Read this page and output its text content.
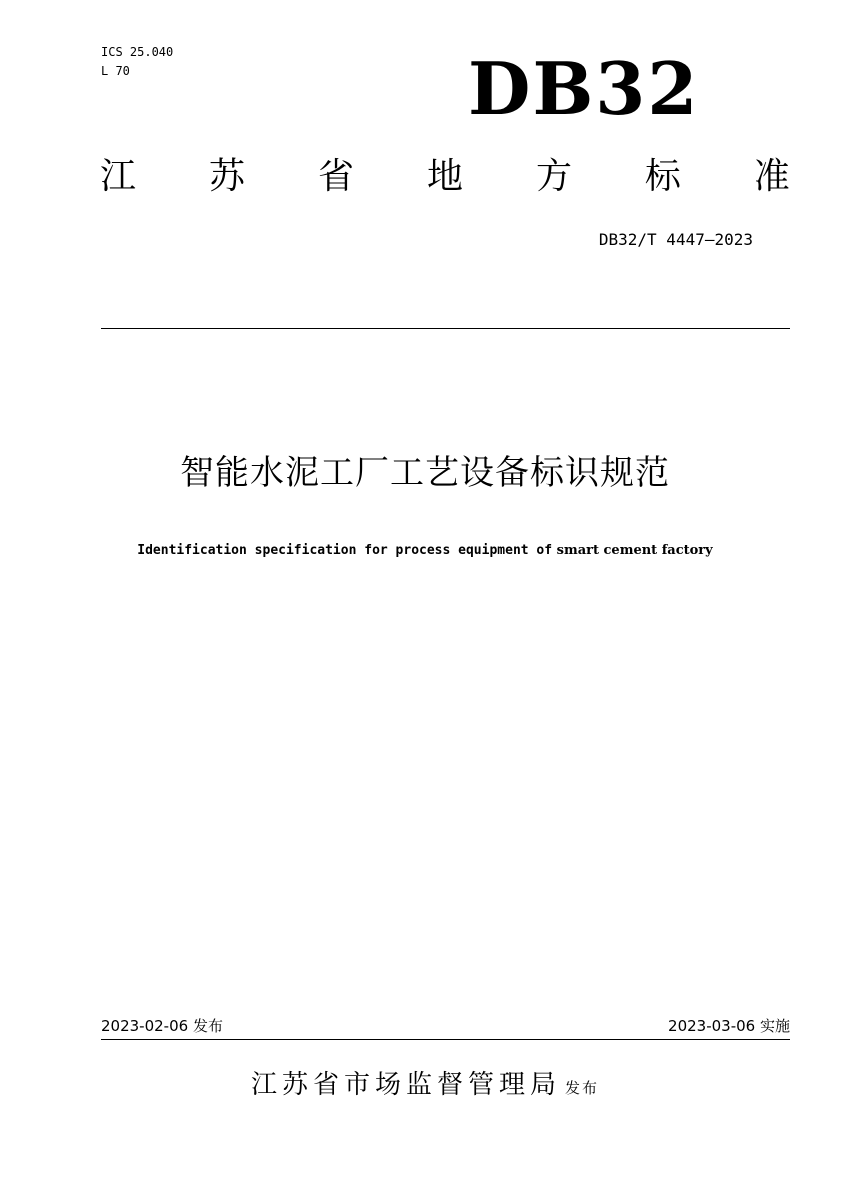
ICS 25.040
L 70	DB32
江 苏 省 地 方 标 准
DB32/T 4447—2023
智能水泥工厂工艺设备标识规范
Identification specification for process equipment of smart cement factory
2023-02-06 发布	2023-03-06 实施
江苏省市场监督管理局 发布
